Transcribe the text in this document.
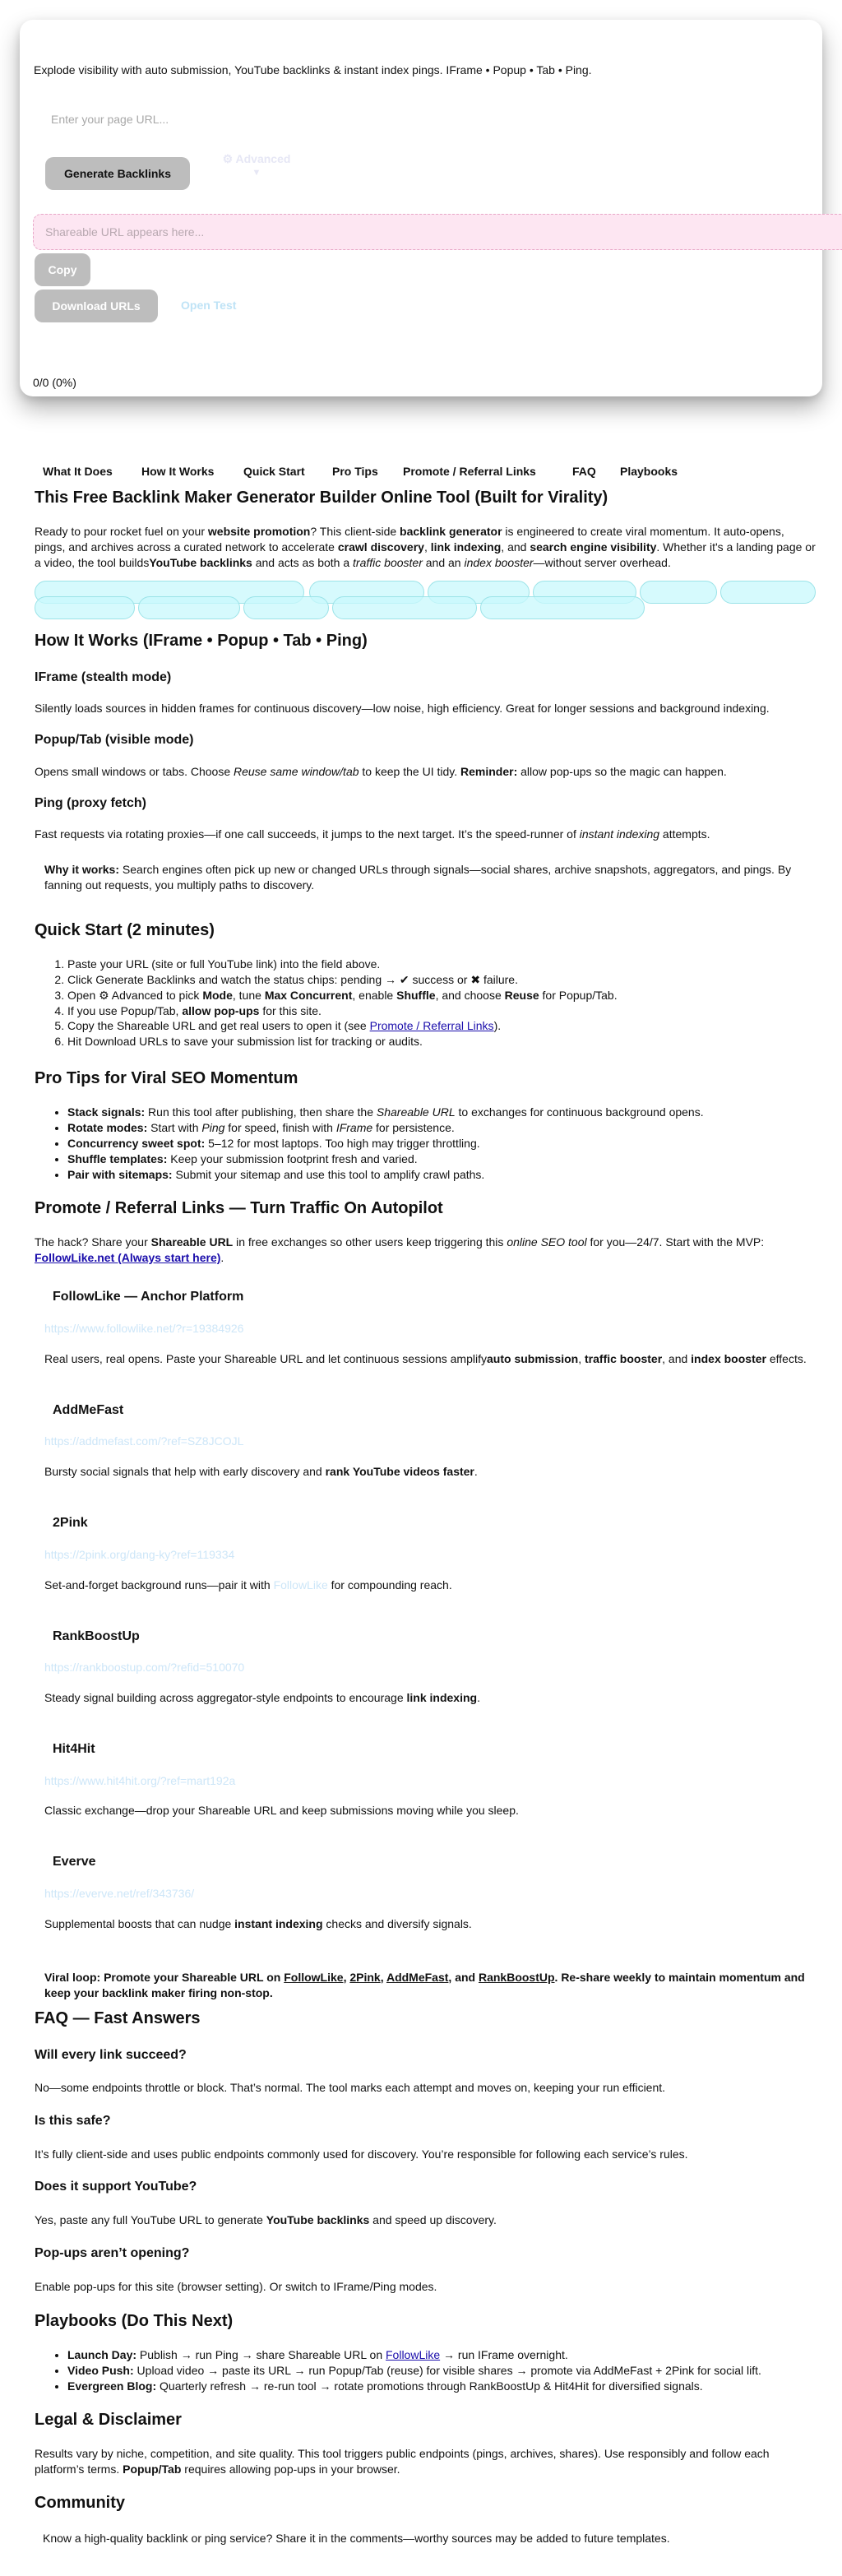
Explode visibility with auto submission, YouTube backlinks & instant index pings. IFrame • Popup • Tab • Ping.
Enter your page URL...
Generate Backlinks
⚙ Advanced
▼
Shareable URL appears here...
Copy
Download URLs	Open Test
0/0 (0%)
What It Does	How It Works	Quick Start	Pro Tips	Promote / Referral Links	FAQ	Playbooks
This Free Backlink Maker Generator Builder Online Tool (Built for Virality)

Ready to pour rocket fuel on your website promotion? This client-side backlink generator is engineered to create viral momentum. It auto-opens, pings, and archives across a curated network to accelerate crawl discovery, link indexing, and search engine visibility. Whether it's a landing page or a video, the tool buildsYouTube backlinks and acts as both a traffic booster and an index booster—without server overhead.

How It Works (IFrame • Popup • Tab • Ping)
IFrame (stealth mode)

Silently loads sources in hidden frames for continuous discovery—low noise, high efficiency. Great for longer sessions and background indexing.

Popup/Tab (visible mode)

Opens small windows or tabs. Choose Reuse same window/tab to keep the UI tidy. Reminder: allow pop-ups so the magic can happen.

Ping (proxy fetch)

Fast requests via rotating proxies—if one call succeeds, it jumps to the next target. It’s the speed-runner of instant indexing attempts.

Why it works: Search engines often pick up new or changed URLs through signals—social shares, archive snapshots, aggregators, and pings. By fanning out requests, you multiply paths to discovery.

Quick Start (2 minutes)
1. Paste your URL (site or full YouTube link) into the field above.
2. Click Generate Backlinks and watch the status chips: pending → ✔ success or ✖ failure.
3. Open ⚙ Advanced to pick Mode, tune Max Concurrent, enable Shuffle, and choose Reuse for Popup/Tab.
4. If you use Popup/Tab, allow pop-ups for this site.
5. Copy the Shareable URL and get real users to open it (see Promote / Referral Links).
6. Hit Download URLs to save your submission list for tracking or audits.
Pro Tips for Viral SEO Momentum
• Stack signals: Run this tool after publishing, then share the Shareable URL to exchanges for continuous background opens.
• Rotate modes: Start with Ping for speed, finish with IFrame for persistence.
• Concurrency sweet spot: 5–12 for most laptops. Too high may trigger throttling.
• Shuffle templates: Keep your submission footprint fresh and varied.
• Pair with sitemaps: Submit your sitemap and use this tool to amplify crawl paths.
Promote / Referral Links — Turn Traffic On Autopilot

The hack? Share your Shareable URL in free exchanges so other users keep triggering this online SEO tool for you—24/7. Start with the MVP: FollowLike.net (Always start here).

FollowLike — Anchor Platform
https://www.followlike.net/?r=19384926

Real users, real opens. Paste your Shareable URL and let continuous sessions amplifyauto submission, traffic booster, and index booster effects.

AddMeFast
https://addmefast.com/?ref=SZ8JCOJL

Bursty social signals that help with early discovery and rank YouTube videos faster.

2Pink
https://2pink.org/dang-ky?ref=119334

Set-and-forget background runs—pair it with FollowLike for compounding reach.

RankBoostUp
https://rankboostup.com/?refid=510070

Steady signal building across aggregator-style endpoints to encourage link indexing.

Hit4Hit
https://www.hit4hit.org/?ref=mart192a

Classic exchange—drop your Shareable URL and keep submissions moving while you sleep.

Everve
https://everve.net/ref/343736/

Supplemental boosts that can nudge instant indexing checks and diversify signals.

Viral loop: Promote your Shareable URL on FollowLike, 2Pink, AddMeFast, and RankBoostUp. Re-share weekly to maintain momentum and keep your backlink maker firing non-stop.

FAQ — Fast Answers
Will every link succeed?

No—some endpoints throttle or block. That’s normal. The tool marks each attempt and moves on, keeping your run efficient.

Is this safe?

It’s fully client-side and uses public endpoints commonly used for discovery. You’re responsible for following each service’s rules.

Does it support YouTube?

Yes, paste any full YouTube URL to generate YouTube backlinks and speed up discovery.

Pop-ups aren’t opening?

Enable pop-ups for this site (browser setting). Or switch to IFrame/Ping modes.

Playbooks (Do This Next)
• Launch Day: Publish → run Ping → share Shareable URL on FollowLike → run IFrame overnight.
• Video Push: Upload video → paste its URL → run Popup/Tab (reuse) for visible shares → promote via AddMeFast + 2Pink for social lift.
• Evergreen Blog: Quarterly refresh → re-run tool → rotate promotions through RankBoostUp & Hit4Hit for diversified signals.
Legal & Disclaimer

Results vary by niche, competition, and site quality. This tool triggers public endpoints (pings, archives, shares). Use responsibly and follow each platform’s terms. Popup/Tab requires allowing pop-ups in your browser.

Community

Know a high-quality backlink or ping service? Share it in the comments—worthy sources may be added to future templates.
